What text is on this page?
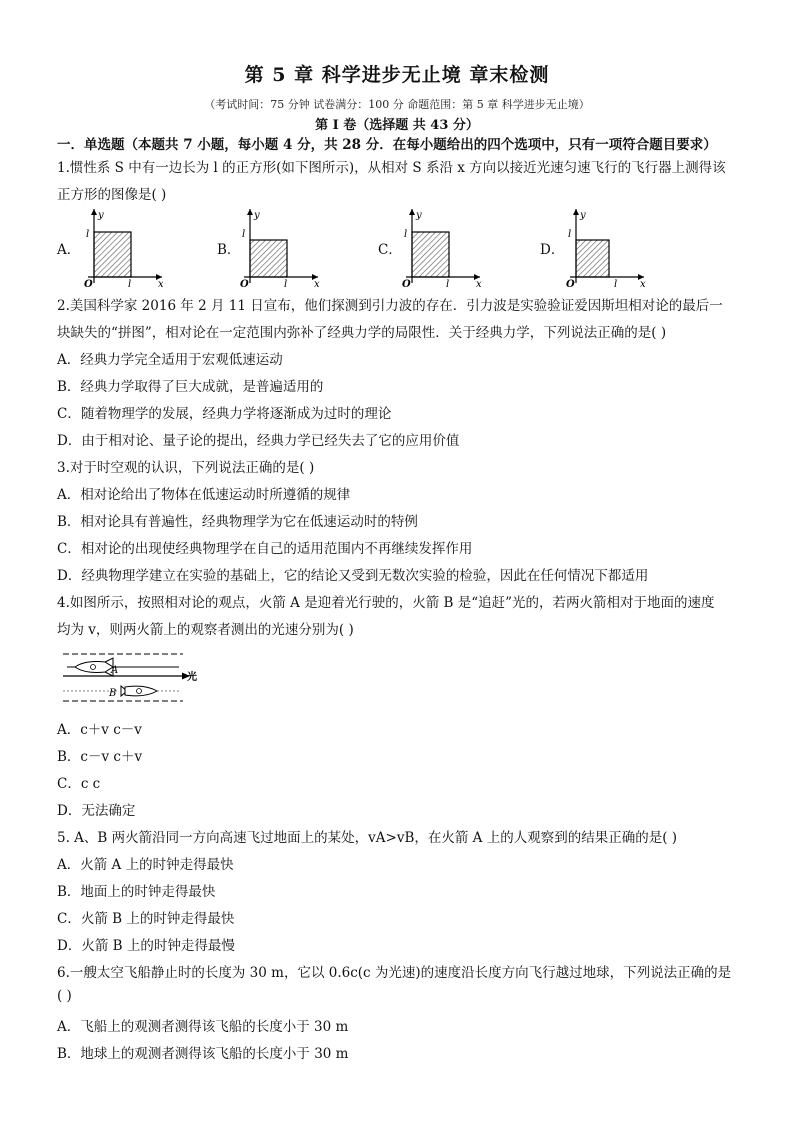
第 5 章 科学进步无止境 章末检测
（考试时间：75 分钟 试卷满分：100 分 命题范围：第 5 章 科学进步无止境）
第 I 卷（选择题 共 43 分）
一．单选题（本题共 7 小题，每小题 4 分，共 28 分．在每小题给出的四个选项中，只有一项符合题目要求）
1.惯性系 S 中有一边长为 l 的正方形(如下图所示)，从相对 S 系沿 x 方向以接近光速匀速飞行的飞行器上测得该
正方形的图像是( )
A．
y
x
O
l
l
B．
y
x
O
l
l
C．
y
x
O
l
l
D．
y
x
O
l
l
2.美国科学家 2016 年 2 月 11 日宣布，他们探测到引力波的存在．引力波是实验验证爱因斯坦相对论的最后一
块缺失的“拼图”，相对论在一定范围内弥补了经典力学的局限性．关于经典力学，下列说法正确的是( )
A．经典力学完全适用于宏观低速运动
B．经典力学取得了巨大成就，是普遍适用的
C．随着物理学的发展，经典力学将逐渐成为过时的理论
D．由于相对论、量子论的提出，经典力学已经失去了它的应用价值
3.对于时空观的认识，下列说法正确的是( )
A．相对论给出了物体在低速运动时所遵循的规律
B．相对论具有普遍性，经典物理学为它在低速运动时的特例
C．相对论的出现使经典物理学在自己的适用范围内不再继续发挥作用
D．经典物理学建立在实验的基础上，它的结论又受到无数次实验的检验，因此在任何情况下都适用
4.如图所示，按照相对论的观点，火箭 A 是迎着光行驶的，火箭 B 是“追赶”光的，若两火箭相对于地面的速度
均为 v，则两火箭上的观察者测出的光速分别为( )
A
光
B
A．c＋v c－v
B．c－v c＋v
C．c c
D．无法确定
5. A、B 两火箭沿同一方向高速飞过地面上的某处，vA>vB，在火箭 A 上的人观察到的结果正确的是( )
A．火箭 A 上的时钟走得最快
B．地面上的时钟走得最快
C．火箭 B 上的时钟走得最快
D．火箭 B 上的时钟走得最慢
6.一艘太空飞船静止时的长度为 30 m，它以 0.6c(c 为光速)的速度沿长度方向飞行越过地球，下列说法正确的是
( )
A．飞船上的观测者测得该飞船的长度小于 30 m
B．地球上的观测者测得该飞船的长度小于 30 m
